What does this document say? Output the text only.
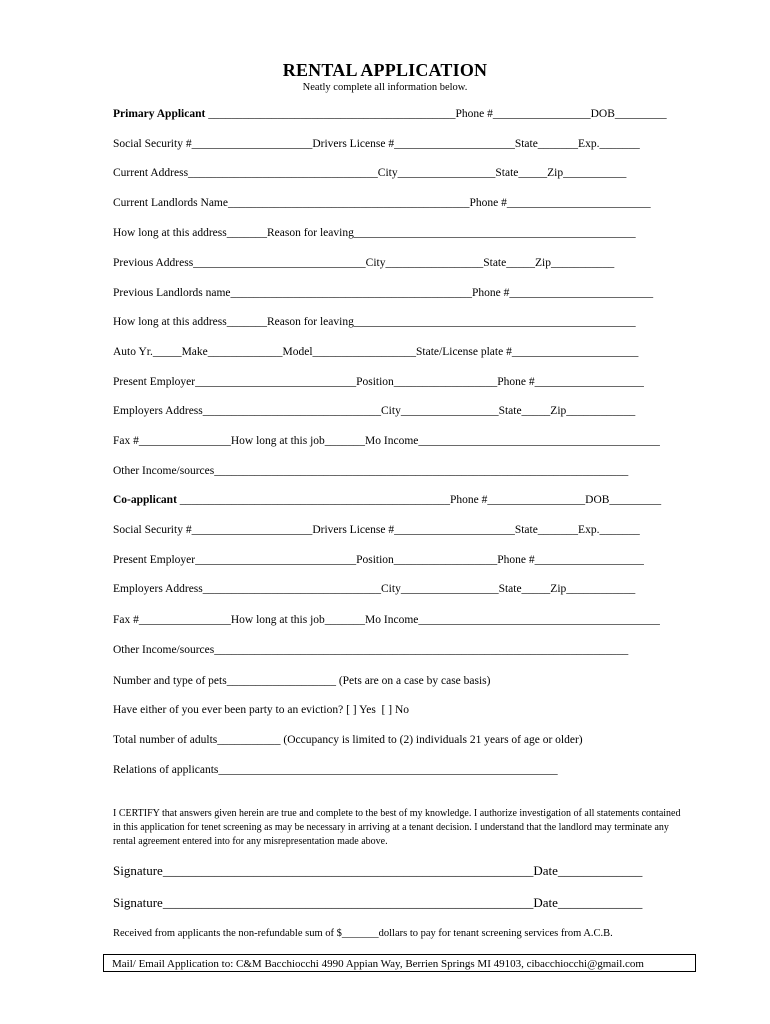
RENTAL APPLICATION
Neatly complete all information below.
Primary Applicant ___________________________________________Phone #_________________DOB_________
Social Security #_____________________Drivers License #_____________________State_______Exp._______
Current Address_________________________________City_________________State_____Zip___________
Current Landlords Name__________________________________________Phone #_________________________
How long at this address_______Reason for leaving_________________________________________________
Previous Address______________________________City_________________State_____Zip___________
Previous Landlords name__________________________________________Phone #_________________________
How long at this address_______Reason for leaving_________________________________________________
Auto Yr._____Make_____________Model__________________State/License plate #______________________
Present Employer____________________________Position__________________Phone #___________________
Employers Address_______________________________City_________________State_____Zip____________
Fax #________________How long at this job_______Mo Income__________________________________________
Other Income/sources________________________________________________________________________
Co-applicant _______________________________________________Phone #_________________DOB_________
Social Security #_____________________Drivers License #_____________________State_______Exp._______
Present Employer____________________________Position__________________Phone #___________________
Employers Address_______________________________City_________________State_____Zip____________
Fax #________________How long at this job_______Mo Income__________________________________________
Other Income/sources________________________________________________________________________
Number and type of pets___________________ (Pets are on a case by case basis)
Have either of you ever been party to an eviction? [ ] Yes  [ ] No
Total number of adults___________ (Occupancy is limited to (2) individuals 21 years of age or older)
Relations of applicants___________________________________________________________
I CERTIFY that answers given herein are true and complete to the best of my knowledge. I authorize investigation of all statements contained in this application for tenet screening as may be necessary in arriving at a tenant decision. I understand that the landlord may terminate any rental agreement entered into for any misrepresentation made above.
Signature_________________________________________________________Date_____________
Signature_________________________________________________________Date_____________
Received from applicants the non-refundable sum of $_______dollars to pay for tenant screening services from A.C.B.
Mail/ Email Application to: C&M Bacchiocchi 4990 Appian Way, Berrien Springs MI 49103, cibacchiocchi@gmail.com
